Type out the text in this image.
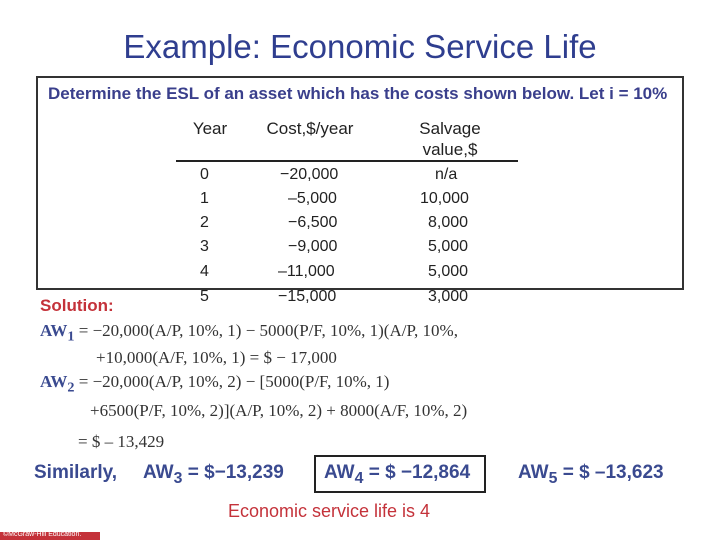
Example: Economic Service Life
Determine the ESL of an asset which has the costs shown below. Let i = 10%
Year	Cost,$/year	Salvage
value,$
0	−20,000	n/a
1	–5,000	10,000
2	−6,500	8,000
3	−9,000	5,000
4	–11,000	5,000
5	−15,000	3,000
Solution:
$AW_1 = -20,000(A/P$, 10%, 1) − 5000(P/F, 10%, 1)(A/P, 10%,
+10,000(A/F, 10%, 1) = $ − 17,000
$AW_2 = -20,000(A/P$, 10%, 2) − [5000(P/F, 10%, 1)
+6500(P/F, 10%, 2)](A/P, 10%, 2) + 8000(A/F, 10%, 2)
= $ – 13,429
Similarly, $AW_3$ = $−13,239 $AW_4$ = $ −12,864	$AW_5$ = $ –13,623
Economic service life is 4
©McGraw-Hill Education.
